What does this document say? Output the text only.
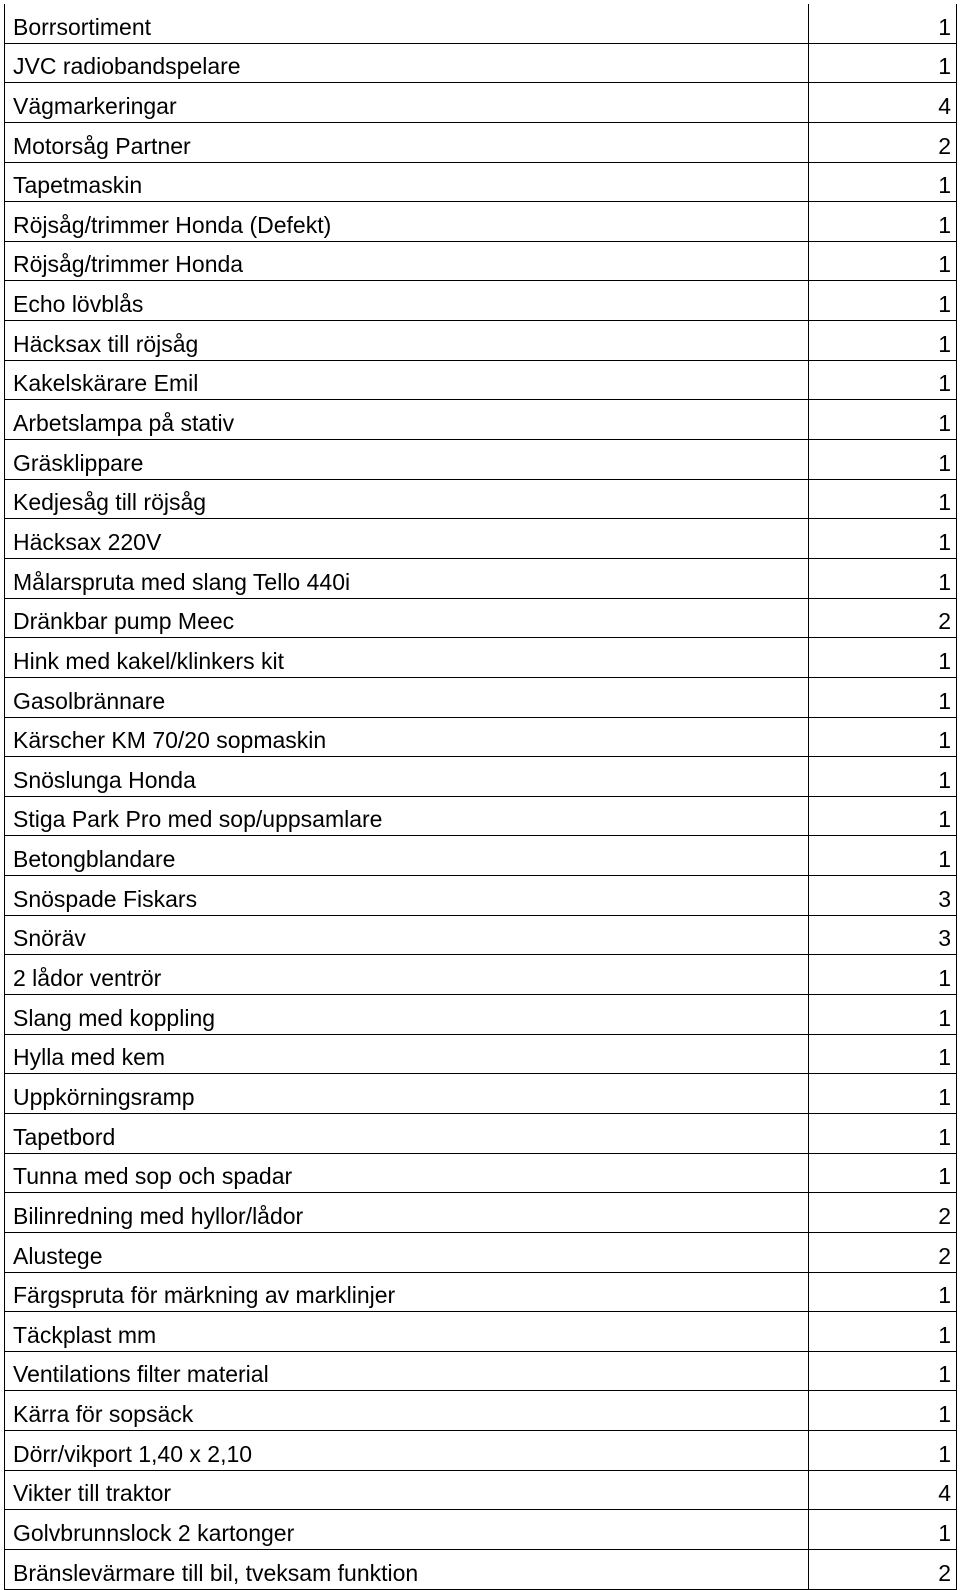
Borrsortiment	1
JVC radiobandspelare	1
Vägmarkeringar	4
Motorsåg Partner	2
Tapetmaskin	1
Röjsåg/trimmer Honda (Defekt)	1
Röjsåg/trimmer Honda	1
Echo lövblås	1
Häcksax till röjsåg	1
Kakelskärare Emil	1
Arbetslampa på stativ	1
Gräsklippare	1
Kedjesåg till röjsåg	1
Häcksax 220V	1
Målarspruta med slang Tello 440i	1
Dränkbar pump Meec	2
Hink med kakel/klinkers kit	1
Gasolbrännare	1
Kärscher KM 70/20 sopmaskin	1
Snöslunga Honda	1
Stiga Park Pro med sop/uppsamlare	1
Betongblandare	1
Snöspade Fiskars	3
Snöräv	3
2 lådor ventrör	1
Slang med koppling	1
Hylla med kem	1
Uppkörningsramp	1
Tapetbord	1
Tunna med sop och spadar	1
Bilinredning med hyllor/lådor	2
Alustege	2
Färgspruta för märkning av marklinjer	1
Täckplast mm	1
Ventilations filter material	1
Kärra för sopsäck	1
Dörr/vikport 1,40 x 2,10	1
Vikter till traktor	4
Golvbrunnslock 2 kartonger	1
Bränslevärmare till bil, tveksam funktion	2
